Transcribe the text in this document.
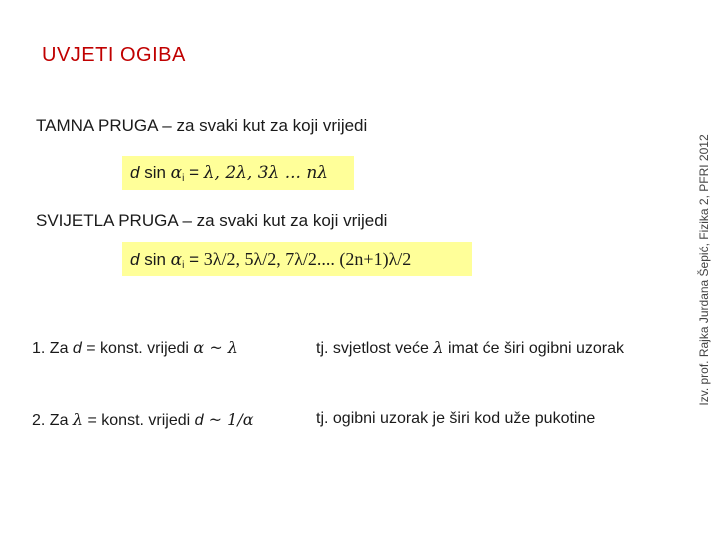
UVJETI OGIBA
TAMNA PRUGA – za svaki kut za koji vrijedi
d $\sin \alpha_i = \lambda$, 2λ, 3λ ... nλ
SVIJETLA PRUGA – za svaki kut za koji vrijedi
d $\sin \alpha_i = 3\lambda/2$, 5λ/2, 7λ/2.... (2n+1)λ/2
1. Za d = konst. vrijedi α ~ λ	tj. svjetlost veće λ imat će širi ogibni uzorak
2. Za λ = konst. vrijedi d ~ 1/α	tj. ogibni uzorak je širi kod uže pukotine
Izv. prof. Rajka Jurdana Šepić, Fizika 2, PFRI 2012
